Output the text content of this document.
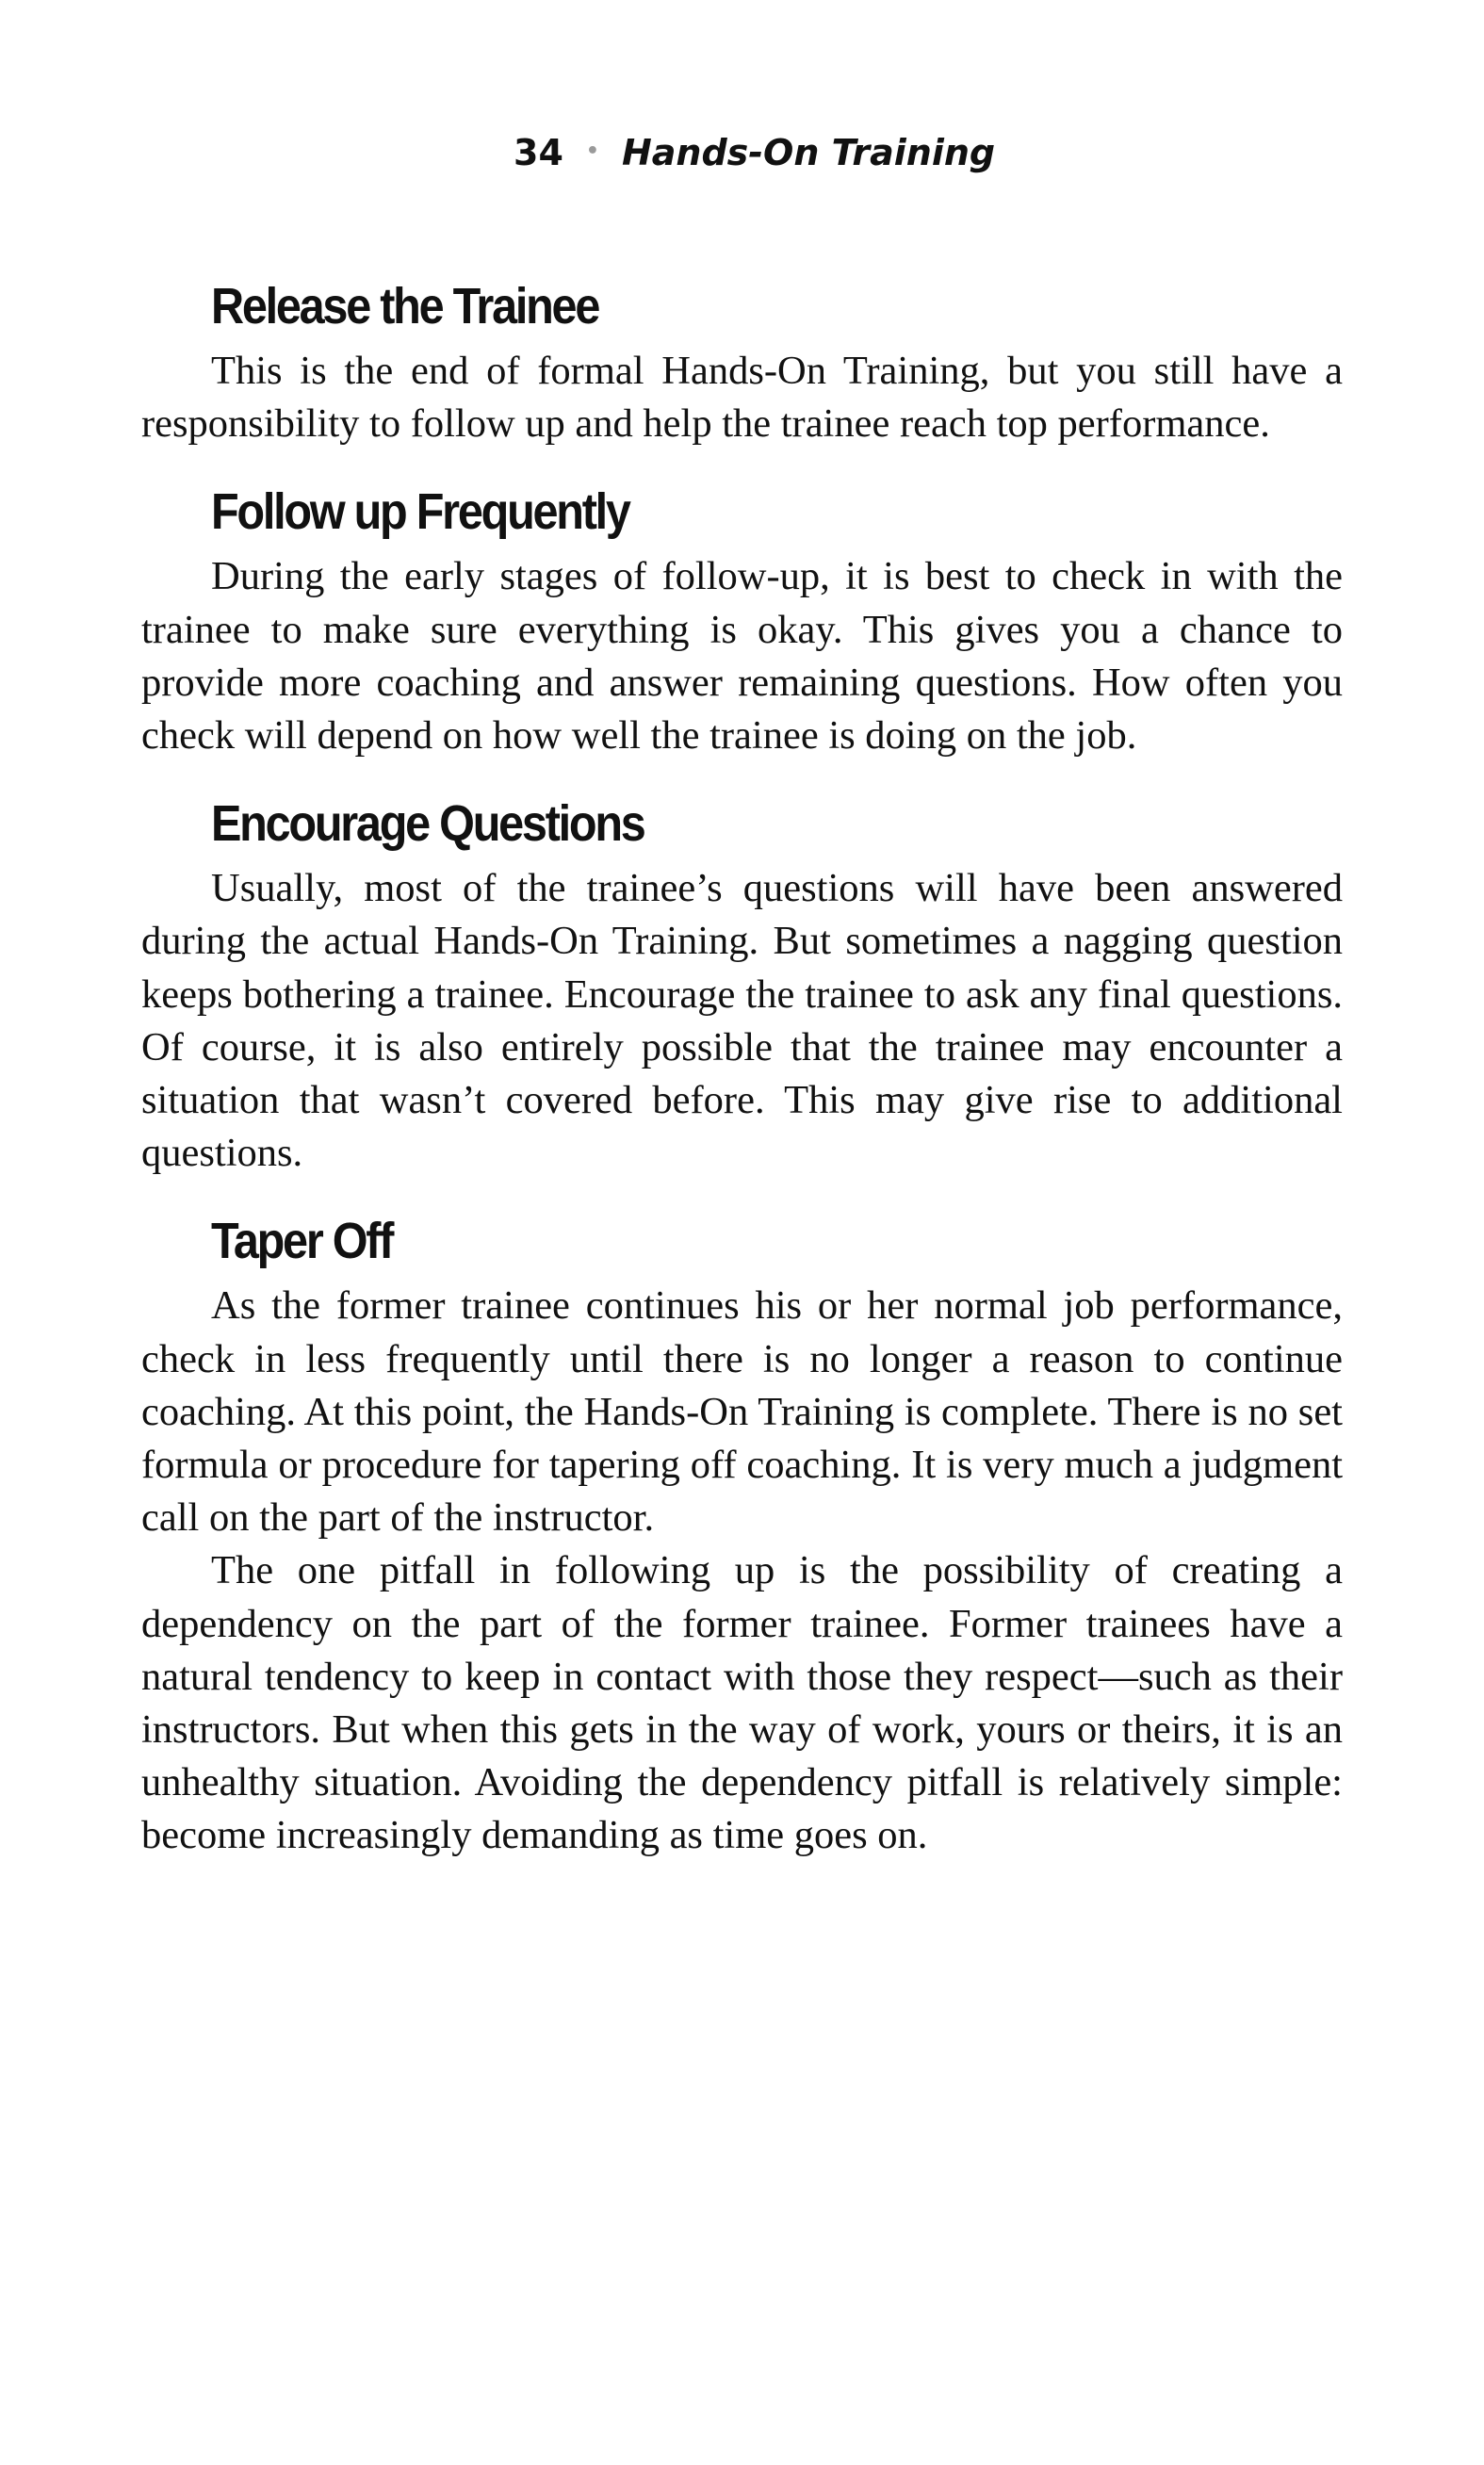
34 • Hands-On Training
Release the Trainee

This is the end of formal Hands-On Training, but you still have a responsibility to follow up and help the trainee reach top performance.

Follow up Frequently

During the early stages of follow-up, it is best to check in with the trainee to make sure everything is okay. This gives you a chance to provide more coaching and answer remaining questions. How often you check will depend on how well the trainee is doing on the job.

Encourage Questions

Usually, most of the trainee’s questions will have been answered during the actual Hands-On Training. But sometimes a nagging question keeps bothering a trainee. Encourage the trainee to ask any final questions. Of course, it is also entirely possible that the trainee may encounter a situation that wasn’t covered before. This may give rise to additional questions.

Taper Off

As the former trainee continues his or her normal job performance, check in less frequently until there is no longer a reason to continue coaching. At this point, the Hands-On Training is complete. There is no set formula or procedure for tapering off coaching. It is very much a judgment call on the part of the instructor.

The one pitfall in following up is the possibility of creating a dependency on the part of the former trainee. Former trainees have a natural tendency to keep in contact with those they respect—such as their instructors. But when this gets in the way of work, yours or theirs, it is an unhealthy situation. Avoiding the dependency pitfall is relatively simple: become increasingly demanding as time goes on.
